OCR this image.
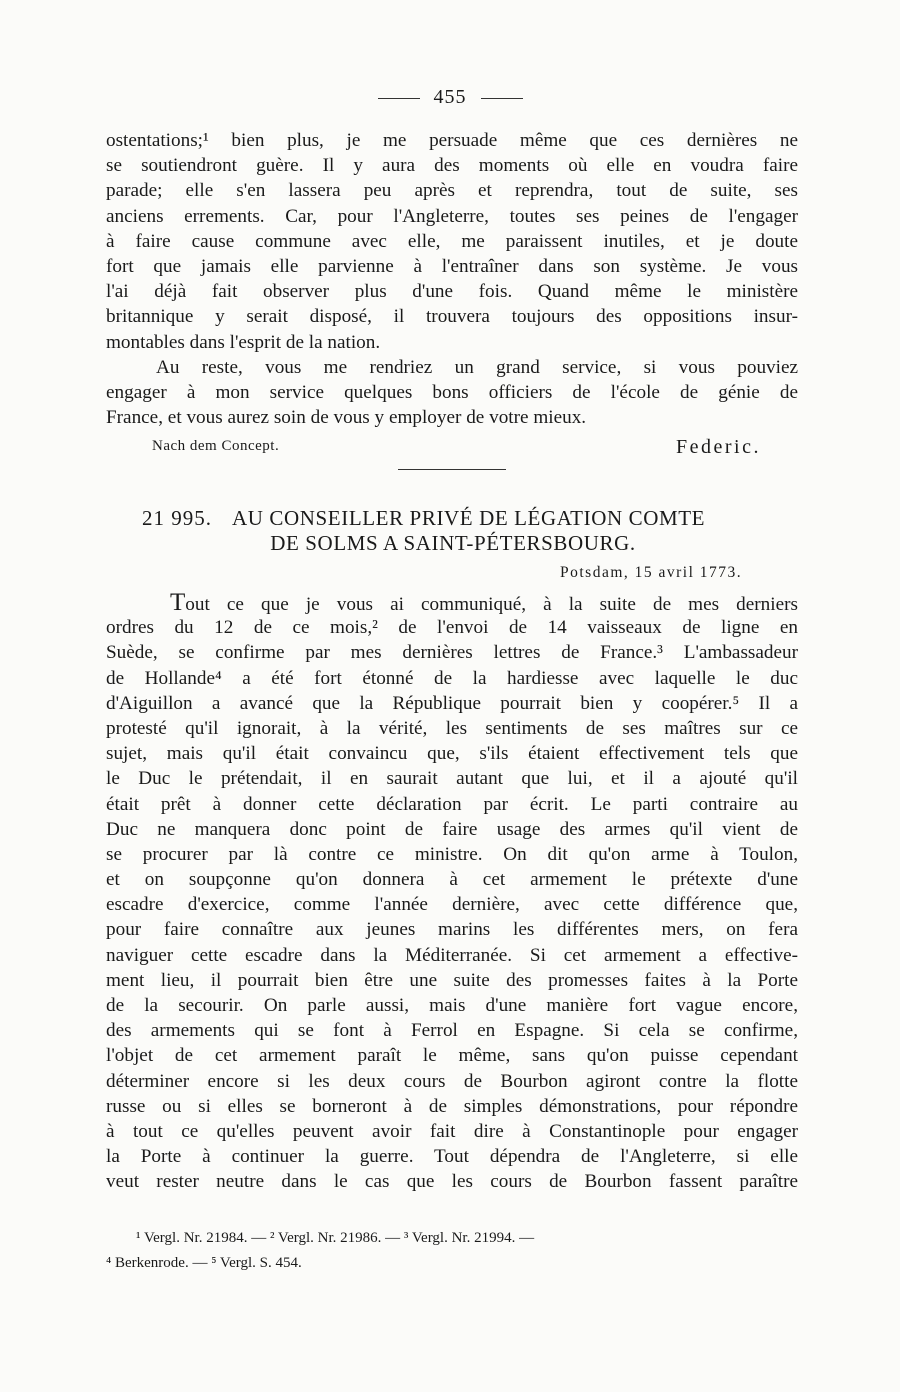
455
ostentations;¹ bien plus, je me persuade même que ces dernières ne
se soutiendront guère. Il y aura des moments où elle en voudra faire
parade; elle s'en lassera peu après et reprendra, tout de suite, ses
anciens errements. Car, pour l'Angleterre, toutes ses peines de l'engager
à faire cause commune avec elle, me paraissent inutiles, et je doute
fort que jamais elle parvienne à l'entraîner dans son système. Je vous
l'ai déjà fait observer plus d'une fois. Quand même le ministère
britannique y serait disposé, il trouvera toujours des oppositions insur-
montables dans l'esprit de la nation.
Au reste, vous me rendriez un grand service, si vous pouviez
engager à mon service quelques bons officiers de l'école de génie de
France, et vous aurez soin de vous y employer de votre mieux.
Nach dem Concept.	Federic.
21 995. AU CONSEILLER PRIVÉ DE LÉGATION COMTE
DE SOLMS A SAINT-PÉTERSBOURG.
Potsdam, 15 avril 1773.
Tout ce que je vous ai communiqué, à la suite de mes derniers
ordres du 12 de ce mois,² de l'envoi de 14 vaisseaux de ligne en
Suède, se confirme par mes dernières lettres de France.³ L'ambassadeur
de Hollande⁴ a été fort étonné de la hardiesse avec laquelle le duc
d'Aiguillon a avancé que la République pourrait bien y coopérer.⁵ Il a
protesté qu'il ignorait, à la vérité, les sentiments de ses maîtres sur ce
sujet, mais qu'il était convaincu que, s'ils étaient effectivement tels que
le Duc le prétendait, il en saurait autant que lui, et il a ajouté qu'il
était prêt à donner cette déclaration par écrit. Le parti contraire au
Duc ne manquera donc point de faire usage des armes qu'il vient de
se procurer par là contre ce ministre. On dit qu'on arme à Toulon,
et on soupçonne qu'on donnera à cet armement le prétexte d'une
escadre d'exercice, comme l'année dernière, avec cette différence que,
pour faire connaître aux jeunes marins les différentes mers, on fera
naviguer cette escadre dans la Méditerranée. Si cet armement a effective-
ment lieu, il pourrait bien être une suite des promesses faites à la Porte
de la secourir. On parle aussi, mais d'une manière fort vague encore,
des armements qui se font à Ferrol en Espagne. Si cela se confirme,
l'objet de cet armement paraît le même, sans qu'on puisse cependant
déterminer encore si les deux cours de Bourbon agiront contre la flotte
russe ou si elles se borneront à de simples démonstrations, pour répondre
à tout ce qu'elles peuvent avoir fait dire à Constantinople pour engager
la Porte à continuer la guerre. Tout dépendra de l'Angleterre, si elle
veut rester neutre dans le cas que les cours de Bourbon fassent paraître
¹ Vergl. Nr. 21984. — ² Vergl. Nr. 21986. — ³ Vergl. Nr. 21994. —
⁴ Berkenrode. — ⁵ Vergl. S. 454.
